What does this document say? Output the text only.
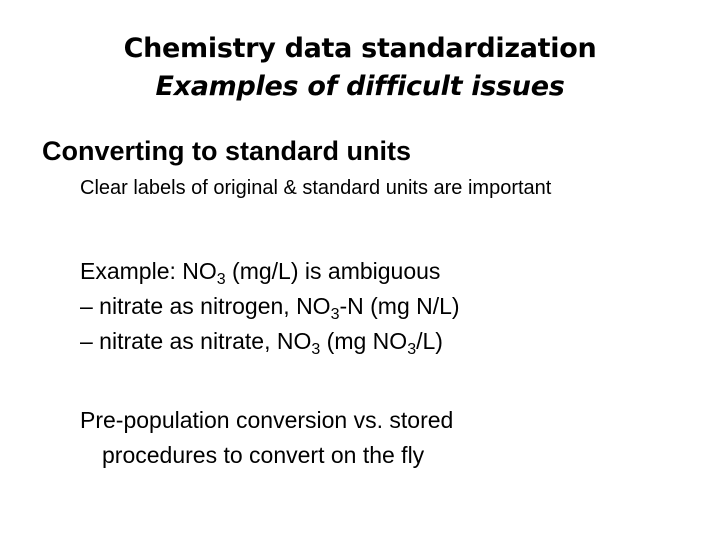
Chemistry data standardization
Examples of difficult issues
Converting to standard units
Clear labels of original & standard units are important
Example: $NO_3$ (mg/L) is ambiguous
– nitrate as nitrogen, $NO_3-N$ (mg N/L)
– nitrate as nitrate, $NO_3$ (mg $NO_3/L$)
Pre-population conversion vs. stored
procedures to convert on the fly
